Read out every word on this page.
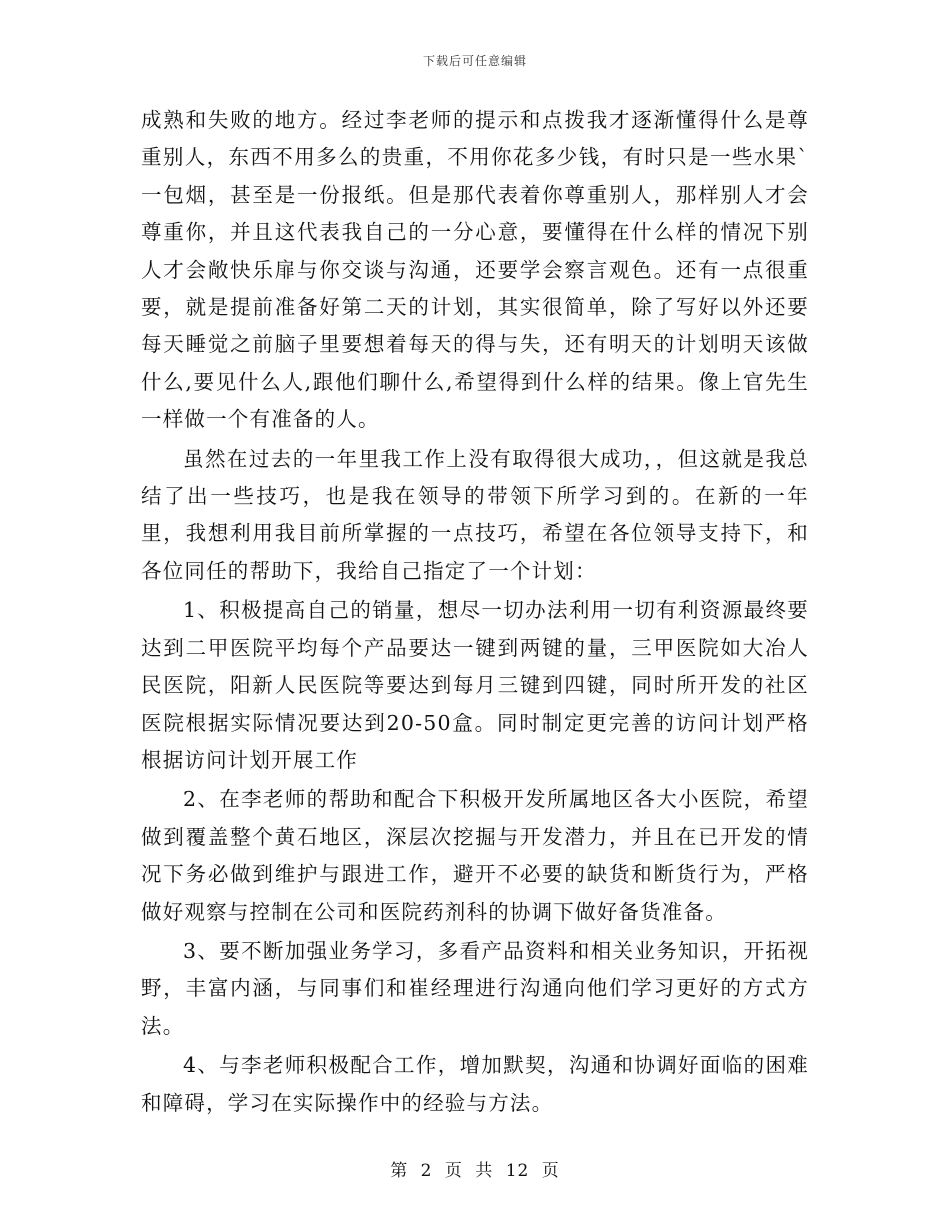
下载后可任意编辑

成熟和失败的地方。经过李老师的提示和点拨我才逐渐懂得什么是尊重别人，东西不用多么的贵重，不用你花多少钱，有时只是一些水果`一包烟，甚至是一份报纸。但是那代表着你尊重别人，那样别人才会尊重你，并且这代表我自己的一分心意，要懂得在什么样的情况下别人才会敞快乐扉与你交谈与沟通，还要学会察言观色。还有一点很重要，就是提前准备好第二天的计划，其实很简单，除了写好以外还要每天睡觉之前脑子里要想着每天的得与失，还有明天的计划明天该做什么,要见什么人,跟他们聊什么,希望得到什么样的结果。像上官先生一样做一个有准备的人。

虽然在过去的一年里我工作上没有取得很大成功，，但这就是我总结了出一些技巧，也是我在领导的带领下所学习到的。在新的一年里，我想利用我目前所掌握的一点技巧，希望在各位领导支持下，和各位同任的帮助下，我给自己指定了一个计划：

1、积极提高自己的销量，想尽一切办法利用一切有利资源最终要达到二甲医院平均每个产品要达一键到两键的量，三甲医院如大冶人民医院，阳新人民医院等要达到每月三键到四键，同时所开发的社区医院根据实际情况要达到20-50盒。同时制定更完善的访问计划严格根据访问计划开展工作

2、在李老师的帮助和配合下积极开发所属地区各大小医院，希望做到覆盖整个黄石地区，深层次挖掘与开发潜力，并且在已开发的情况下务必做到维护与跟进工作，避开不必要的缺货和断货行为，严格做好观察与控制在公司和医院药剂科的协调下做好备货准备。

3、要不断加强业务学习，多看产品资料和相关业务知识，开拓视野，丰富内涵，与同事们和崔经理进行沟通向他们学习更好的方式方法。

4、与李老师积极配合工作，增加默契，沟通和协调好面临的困难和障碍，学习在实际操作中的经验与方法。

第 2 页 共 12 页
